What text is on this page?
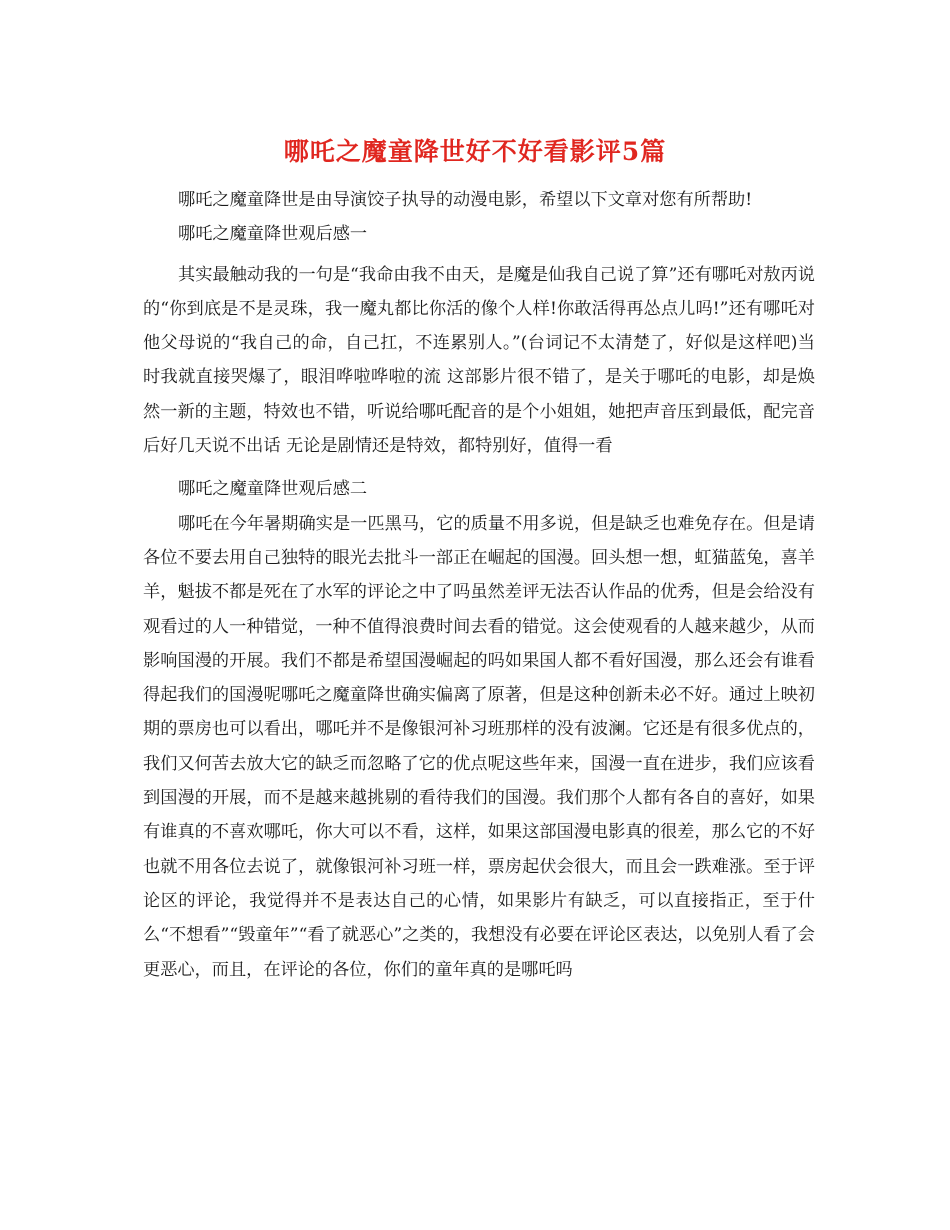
哪吒之魔童降世好不好看影评5篇

哪吒之魔童降世是由导演饺子执导的动漫电影，希望以下文章对您有所帮助!

哪吒之魔童降世观后感一

其实最触动我的一句是“我命由我不由天，是魔是仙我自己说了算”还有哪吒对敖丙说的“你到底是不是灵珠，我一魔丸都比你活的像个人样!你敢活得再怂点儿吗!”还有哪吒对他父母说的“我自己的命，自己扛，不连累别人。”(台词记不太清楚了，好似是这样吧)当时我就直接哭爆了，眼泪哗啦哗啦的流 这部影片很不错了，是关于哪吒的电影，却是焕然一新的主题，特效也不错，听说给哪吒配音的是个小姐姐，她把声音压到最低，配完音后好几天说不出话 无论是剧情还是特效，都特别好，值得一看

哪吒之魔童降世观后感二

哪吒在今年暑期确实是一匹黑马，它的质量不用多说，但是缺乏也难免存在。但是请各位不要去用自己独特的眼光去批斗一部正在崛起的国漫。回头想一想，虹猫蓝兔，喜羊羊，魁拔不都是死在了水军的评论之中了吗虽然差评无法否认作品的优秀，但是会给没有观看过的人一种错觉，一种不值得浪费时间去看的错觉。这会使观看的人越来越少，从而影响国漫的开展。我们不都是希望国漫崛起的吗如果国人都不看好国漫，那么还会有谁看得起我们的国漫呢哪吒之魔童降世确实偏离了原著，但是这种创新未必不好。通过上映初期的票房也可以看出，哪吒并不是像银河补习班那样的没有波澜。它还是有很多优点的，我们又何苦去放大它的缺乏而忽略了它的优点呢这些年来，国漫一直在进步，我们应该看到国漫的开展，而不是越来越挑剔的看待我们的国漫。我们那个人都有各自的喜好，如果有谁真的不喜欢哪吒，你大可以不看，这样，如果这部国漫电影真的很差，那么它的不好也就不用各位去说了，就像银河补习班一样，票房起伏会很大，而且会一跌难涨。至于评论区的评论，我觉得并不是表达自己的心情，如果影片有缺乏，可以直接指正，至于什么“不想看”“毁童年”“看了就恶心”之类的，我想没有必要在评论区表达，以免别人看了会更恶心，而且，在评论的各位，你们的童年真的是哪吒吗
